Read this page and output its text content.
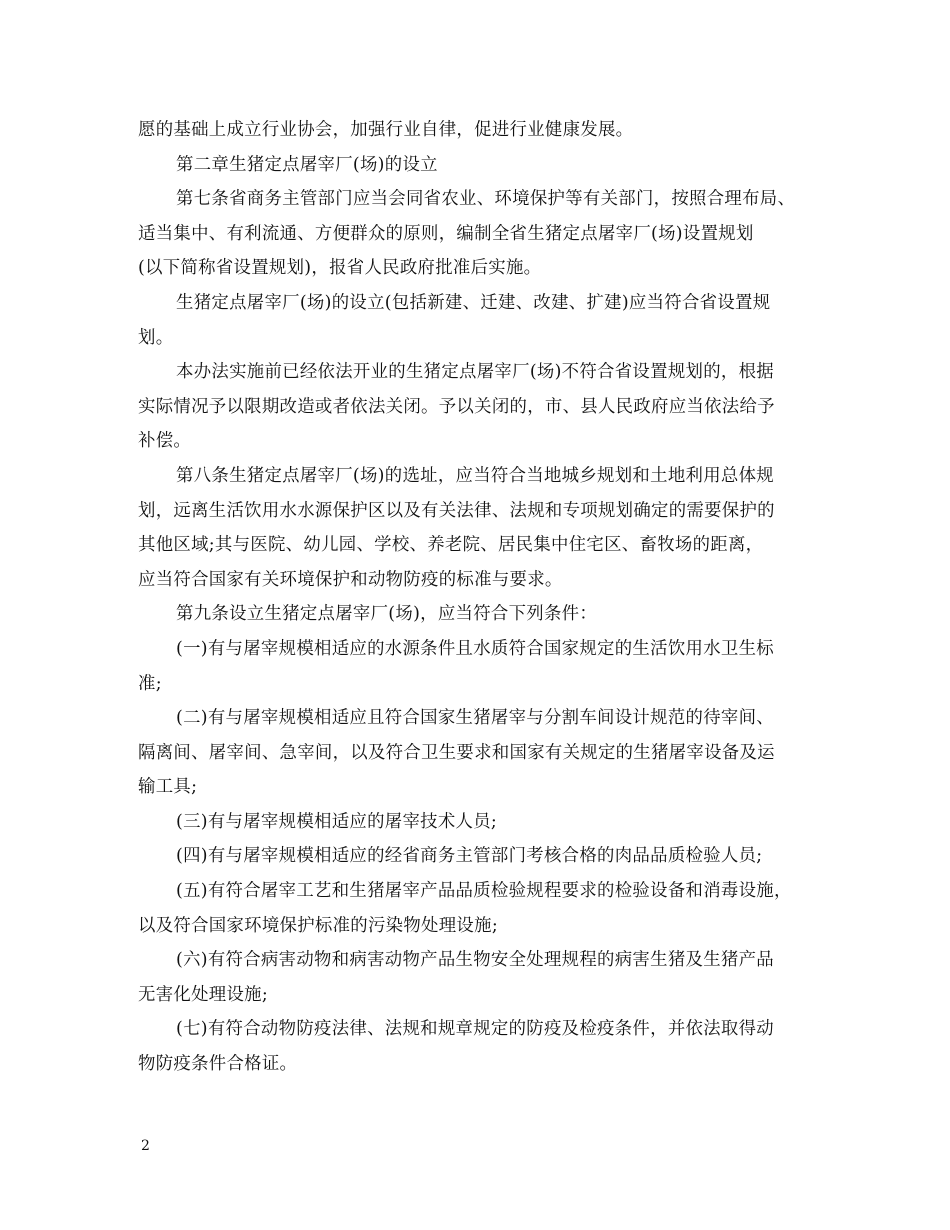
愿的基础上成立行业协会，加强行业自律，促进行业健康发展。
第二章生猪定点屠宰厂(场)的设立
第七条省商务主管部门应当会同省农业、环境保护等有关部门，按照合理布局、
适当集中、有利流通、方便群众的原则，编制全省生猪定点屠宰厂(场)设置规划
(以下简称省设置规划)，报省人民政府批准后实施。
生猪定点屠宰厂(场)的设立(包括新建、迁建、改建、扩建)应当符合省设置规
划。
本办法实施前已经依法开业的生猪定点屠宰厂(场)不符合省设置规划的，根据
实际情况予以限期改造或者依法关闭。予以关闭的，市、县人民政府应当依法给予
补偿。
第八条生猪定点屠宰厂(场)的选址，应当符合当地城乡规划和土地利用总体规
划，远离生活饮用水水源保护区以及有关法律、法规和专项规划确定的需要保护的
其他区域;其与医院、幼儿园、学校、养老院、居民集中住宅区、畜牧场的距离，
应当符合国家有关环境保护和动物防疫的标准与要求。
第九条设立生猪定点屠宰厂(场)，应当符合下列条件：
(一)有与屠宰规模相适应的水源条件且水质符合国家规定的生活饮用水卫生标
准;
(二)有与屠宰规模相适应且符合国家生猪屠宰与分割车间设计规范的待宰间、
隔离间、屠宰间、急宰间，以及符合卫生要求和国家有关规定的生猪屠宰设备及运
输工具;
(三)有与屠宰规模相适应的屠宰技术人员;
(四)有与屠宰规模相适应的经省商务主管部门考核合格的肉品品质检验人员;
(五)有符合屠宰工艺和生猪屠宰产品品质检验规程要求的检验设备和消毒设施，
以及符合国家环境保护标准的污染物处理设施;
(六)有符合病害动物和病害动物产品生物安全处理规程的病害生猪及生猪产品
无害化处理设施;
(七)有符合动物防疫法律、法规和规章规定的防疫及检疫条件，并依法取得动
物防疫条件合格证。
2
